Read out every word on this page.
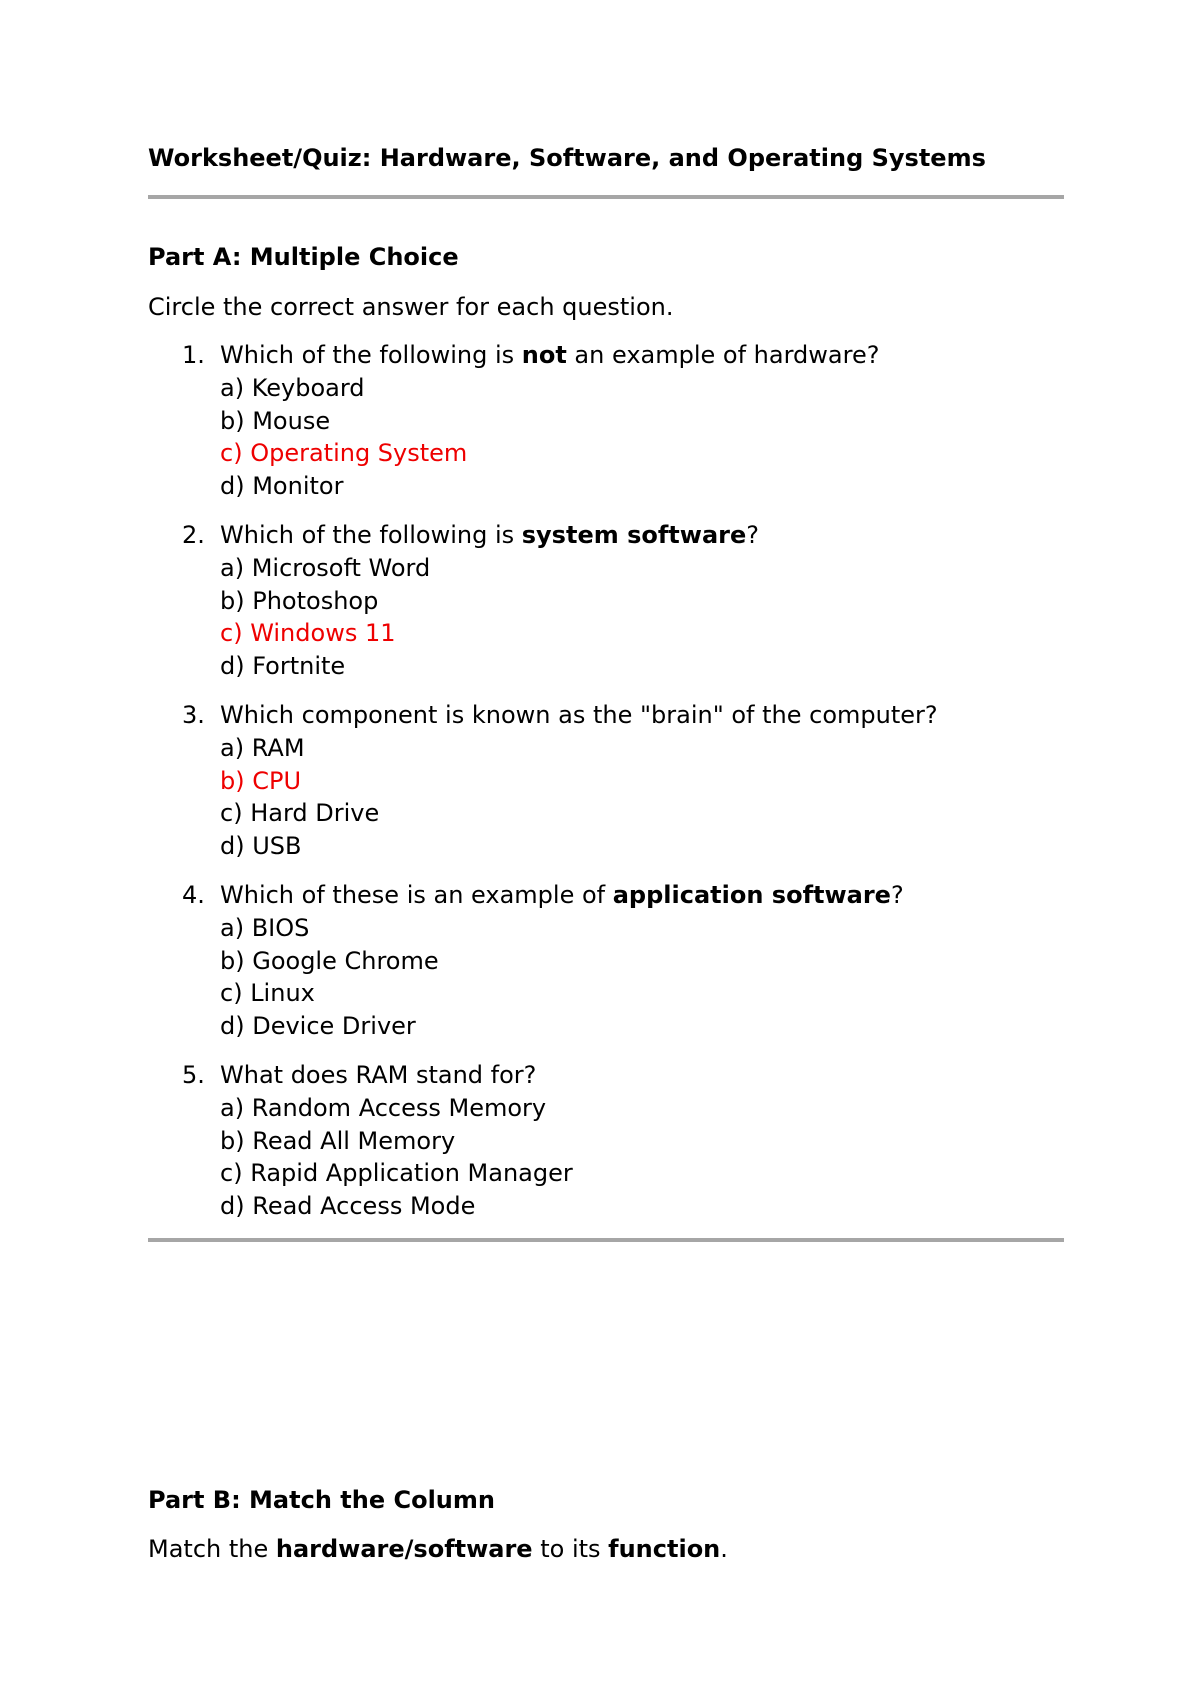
Worksheet/Quiz: Hardware, Software, and Operating Systems
Part A: Multiple Choice
Circle the correct answer for each question.
1. Which of the following is not an example of hardware?
a) Keyboard
b) Mouse
c) Operating System
d) Monitor
2. Which of the following is system software?
a) Microsoft Word
b) Photoshop
c) Windows 11
d) Fortnite
3. Which component is known as the "brain" of the computer?
a) RAM
b) CPU
c) Hard Drive
d) USB
4. Which of these is an example of application software?
a) BIOS
b) Google Chrome
c) Linux
d) Device Driver
5. What does RAM stand for?
a) Random Access Memory
b) Read All Memory
c) Rapid Application Manager
d) Read Access Mode
Part B: Match the Column
Match the hardware/software to its function.
